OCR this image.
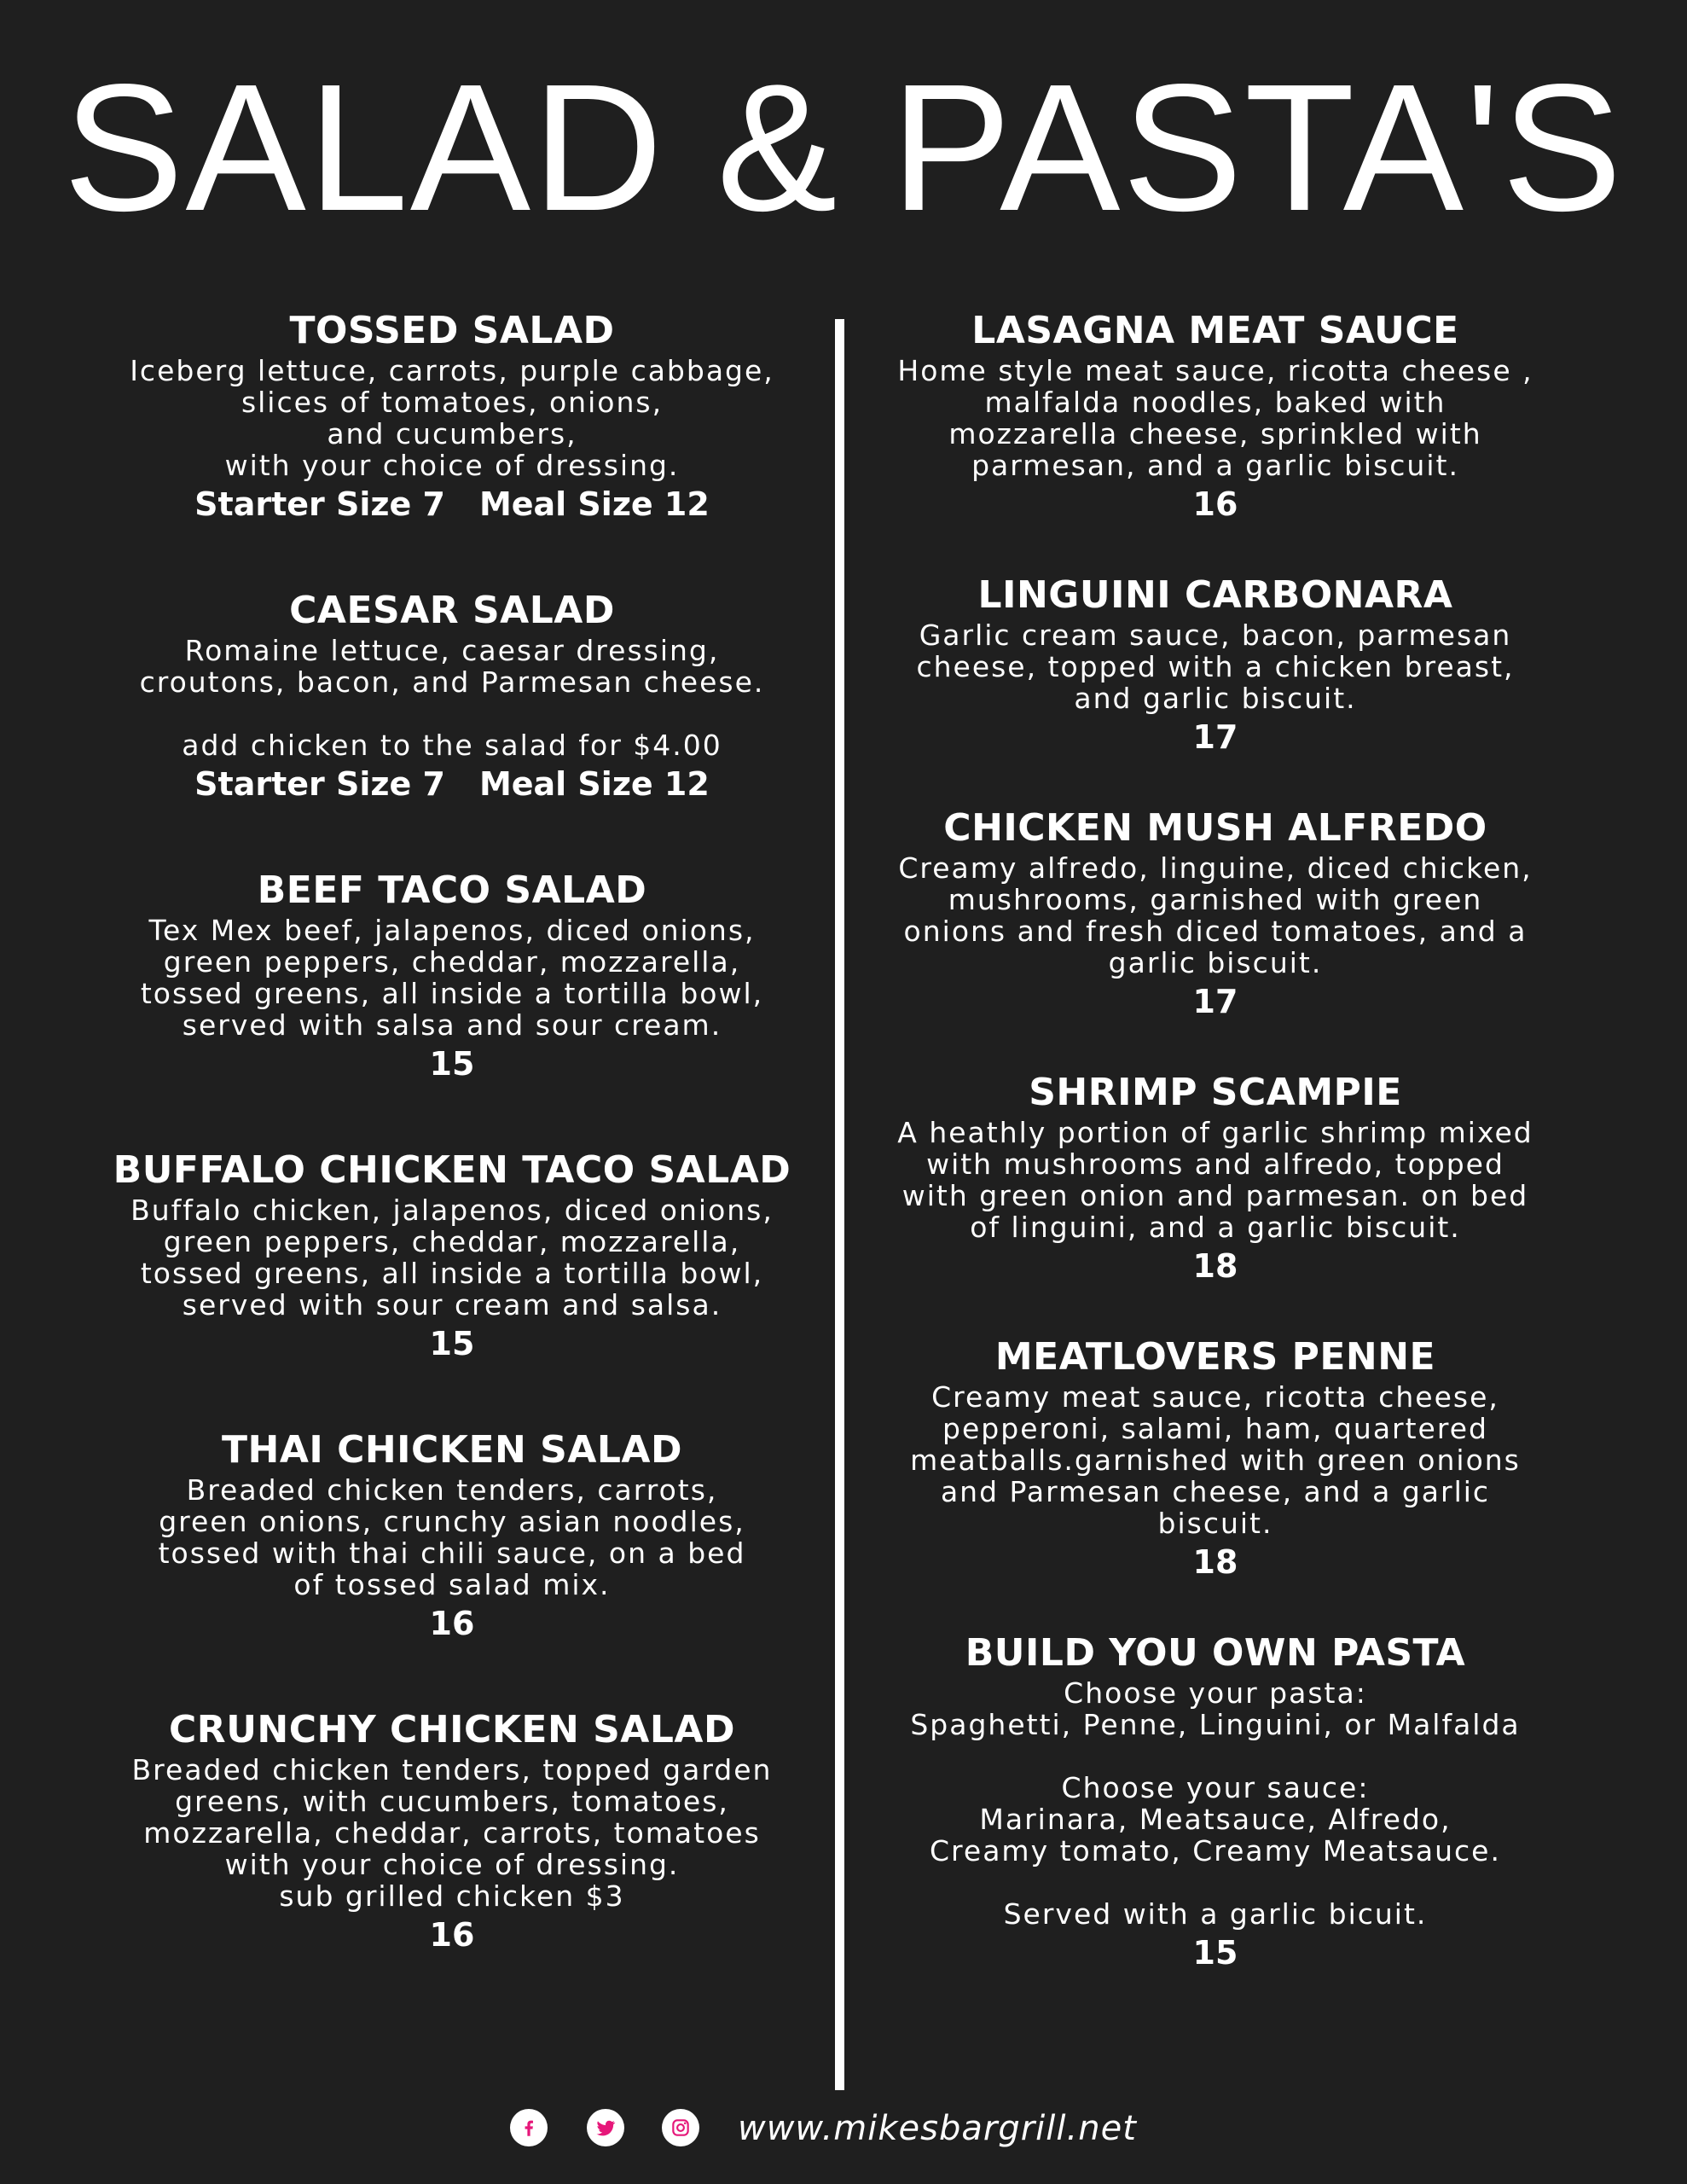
SALAD & PASTA'S
TOSSED SALAD
Iceberg lettuce, carrots, purple cabbage,
slices of tomatoes, onions,
and cucumbers,
with your choice of dressing.
Starter Size 7 Meal Size 12
CAESAR SALAD
Romaine lettuce, caesar dressing,
croutons, bacon, and Parmesan cheese.

add chicken to the salad for $4.00
Starter Size 7 Meal Size 12
BEEF TACO SALAD
Tex Mex beef, jalapenos, diced onions,
green peppers, cheddar, mozzarella,
tossed greens, all inside a tortilla bowl,
served with salsa and sour cream.
15
BUFFALO CHICKEN TACO SALAD
Buffalo chicken, jalapenos, diced onions,
green peppers, cheddar, mozzarella,
tossed greens, all inside a tortilla bowl,
served with sour cream and salsa.
15
THAI CHICKEN SALAD
Breaded chicken tenders, carrots,
green onions, crunchy asian noodles,
tossed with thai chili sauce, on a bed
of tossed salad mix.
16
CRUNCHY CHICKEN SALAD
Breaded chicken tenders, topped garden
greens, with cucumbers, tomatoes,
mozzarella, cheddar, carrots, tomatoes
with your choice of dressing.
sub grilled chicken $3
16
LASAGNA MEAT SAUCE
Home style meat sauce, ricotta cheese ,
malfalda noodles, baked with
mozzarella cheese, sprinkled with
parmesan, and a garlic biscuit.
16
LINGUINI CARBONARA
Garlic cream sauce, bacon, parmesan
cheese, topped with a chicken breast,
and garlic biscuit.
17
CHICKEN MUSH ALFREDO
Creamy alfredo, linguine, diced chicken,
mushrooms, garnished with green
onions and fresh diced tomatoes, and a
garlic biscuit.
17
SHRIMP SCAMPIE
A heathly portion of garlic shrimp mixed
with mushrooms and alfredo, topped
with green onion and parmesan. on bed
of linguini, and a garlic biscuit.
18
MEATLOVERS PENNE
Creamy meat sauce, ricotta cheese,
pepperoni, salami, ham, quartered
meatballs.garnished with green onions
and Parmesan cheese, and a garlic
biscuit.
18
BUILD YOU OWN PASTA
Choose your pasta:
Spaghetti, Penne, Linguini, or Malfalda

Choose your sauce:
Marinara, Meatsauce, Alfredo,
Creamy tomato, Creamy Meatsauce.

Served with a garlic bicuit.
15
www.mikesbargrill.net
